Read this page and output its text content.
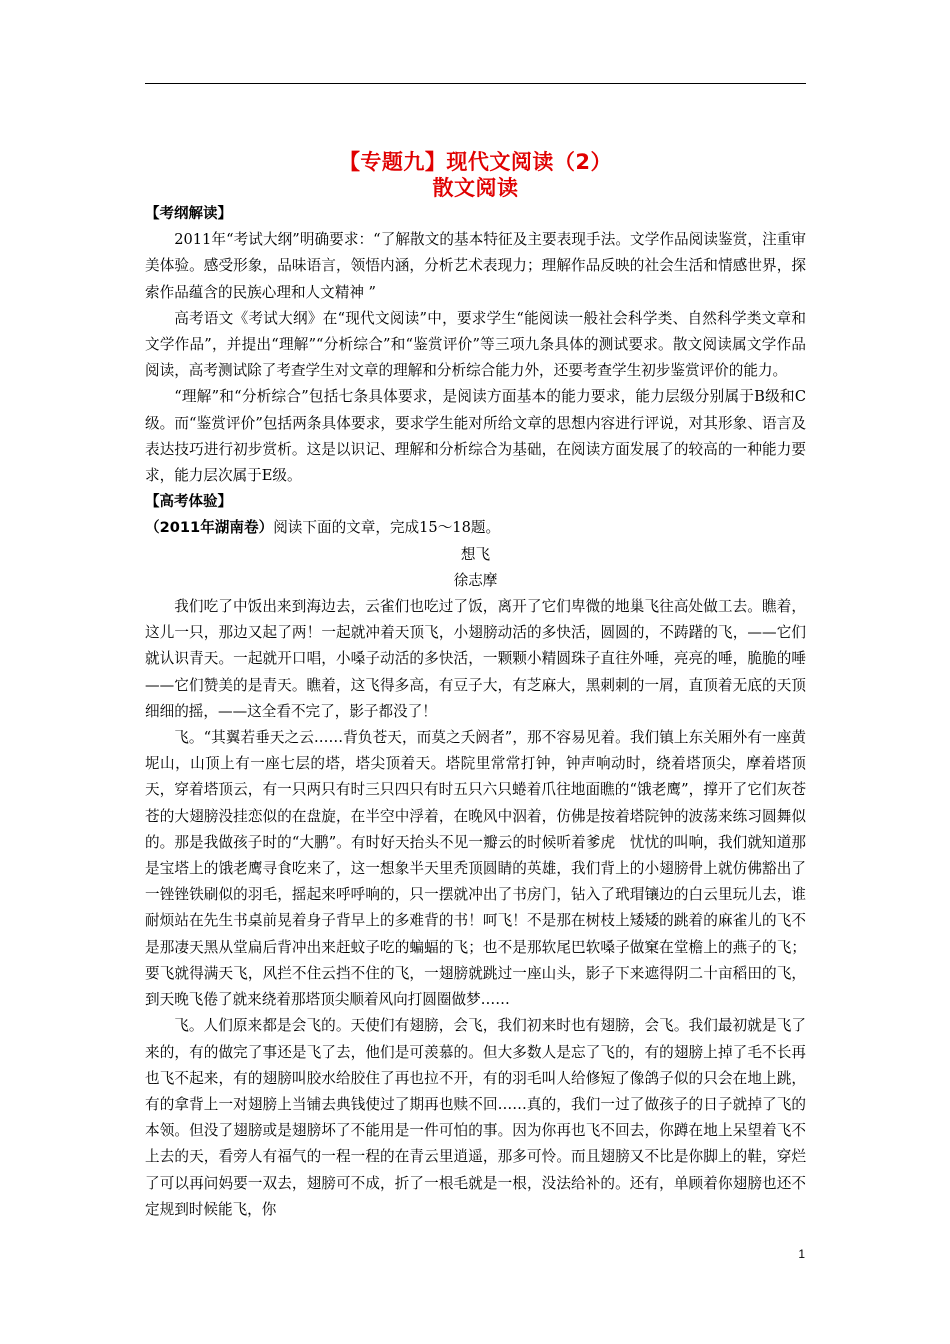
【专题九】现代文阅读（2）
散文阅读
【考纲解读】

2011年“考试大纲”明确要求：“了解散文的基本特征及主要表现手法。文学作品阅读鉴赏，注重审美体验。感受形象，品味语言，领悟内涵，分析艺术表现力；理解作品反映的社会生活和情感世界，探索作品蕴含的民族心理和人文精神 ”

高考语文《考试大纲》在“现代文阅读”中，要求学生“能阅读一般社会科学类、自然科学类文章和文学作品”，并提出“理解”“分析综合”和“鉴赏评价”等三项九条具体的测试要求。散文阅读属文学作品阅读，高考测试除了考查学生对文章的理解和分析综合能力外，还要考查学生初步鉴赏评价的能力。

“理解”和“分析综合”包括七条具体要求，是阅读方面基本的能力要求，能力层级分别属于B级和C级。而“鉴赏评价”包括两条具体要求，要求学生能对所给文章的思想内容进行评说，对其形象、语言及表达技巧进行初步赏析。这是以识记、理解和分析综合为基础，在阅读方面发展了的较高的一种能力要求，能力层次属于E级。

【高考体验】
（2011年湖南卷）阅读下面的文章，完成15～18题。
想飞
徐志摩

我们吃了中饭出来到海边去，云雀们也吃过了饭，离开了它们卑微的地巢飞往高处做工去。瞧着，这儿一只，那边又起了两！一起就冲着天顶飞，小翅膀动活的多快活，圆圆的，不踌躇的飞，——它们就认识青天。一起就开口唱，小嗓子动活的多快活，一颗颗小精圆珠子直往外唾，亮亮的唾，脆脆的唾——它们赞美的是青天。瞧着，这飞得多高，有豆子大，有芝麻大，黑刺刺的一屑，直顶着无底的天顶细细的摇，——这全看不完了，影子都没了！

飞。“其翼若垂天之云……背负苍天，而莫之夭阏者”，那不容易见着。我们镇上东关厢外有一座黄坭山，山顶上有一座七层的塔，塔尖顶着天。塔院里常常打钟，钟声响动时，绕着塔顶尖，摩着塔顶天，穿着塔顶云，有一只两只有时三只四只有时五只六只蜷着爪往地面瞧的“饿老鹰”，撑开了它们灰苍苍的大翅膀没挂恋似的在盘旋，在半空中浮着，在晚风中泅着，仿佛是按着塔院钟的波荡来练习圆舞似的。那是我做孩子时的“大鹏”。有时好天抬头不见一瓣云的时候听着爹虎　忧忧的叫响，我们就知道那是宝塔上的饿老鹰寻食吃来了，这一想象半天里秃顶圆睛的英雄，我们背上的小翅膀骨上就仿佛豁出了一锉锉铁刷似的羽毛，摇起来呼呼响的，只一摆就冲出了书房门，钻入了玳瑁镶边的白云里玩儿去，谁耐烦站在先生书桌前晃着身子背早上的多难背的书！呵飞！不是那在树枝上矮矮的跳着的麻雀儿的飞不是那凄天黑从堂扁后背冲出来赶蚊子吃的蝙蝠的飞；也不是那软尾巴软嗓子做窠在堂檐上的燕子的飞；要飞就得满天飞，风拦不住云挡不住的飞，一翅膀就跳过一座山头，影子下来遮得阴二十亩稻田的飞，到天晚飞倦了就来绕着那塔顶尖顺着风向打圆圈做梦……

飞。人们原来都是会飞的。天使们有翅膀，会飞，我们初来时也有翅膀，会飞。我们最初就是飞了来的，有的做完了事还是飞了去，他们是可羡慕的。但大多数人是忘了飞的，有的翅膀上掉了毛不长再也飞不起来，有的翅膀叫胶水给胶住了再也拉不开，有的羽毛叫人给修短了像鸽子似的只会在地上跳，有的拿背上一对翅膀上当铺去典钱使过了期再也赎不回……真的，我们一过了做孩子的日子就掉了飞的本领。但没了翅膀或是翅膀坏了不能用是一件可怕的事。因为你再也飞不回去，你蹲在地上呆望着飞不上去的天，看旁人有福气的一程一程的在青云里逍遥，那多可怜。而且翅膀又不比是你脚上的鞋，穿烂了可以再问妈要一双去，翅膀可不成，折了一根毛就是一根，没法给补的。还有，单顾着你翅膀也还不定规到时候能飞，你

1
